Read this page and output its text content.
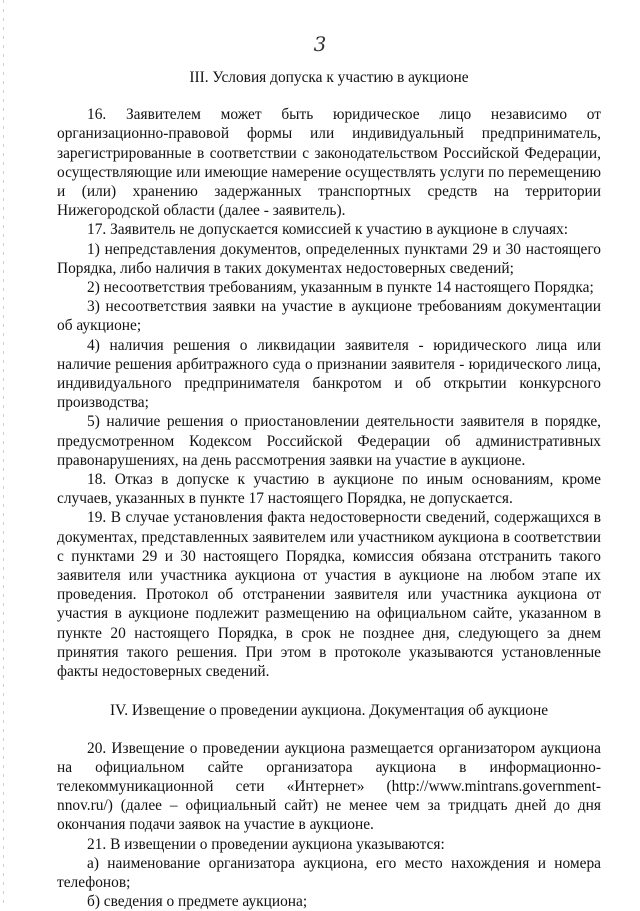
3
III. Условия допуска к участию в аукционе

16. Заявителем может быть юридическое лицо независимо от организационно-правовой формы или индивидуальный предприниматель, зарегистрированные в соответствии с законодательством Российской Федерации, осуществляющие или имеющие намерение осуществлять услуги по перемещению и (или) хранению задержанных транспортных средств на территории Нижегородской области (далее - заявитель).

17. Заявитель не допускается комиссией к участию в аукционе в случаях:

1) непредставления документов, определенных пунктами 29 и 30 настоящего Порядка, либо наличия в таких документах недостоверных сведений;

2) несоответствия требованиям, указанным в пункте 14 настоящего Порядка;

3) несоответствия заявки на участие в аукционе требованиям документации об аукционе;

4) наличия решения о ликвидации заявителя - юридического лица или наличие решения арбитражного суда о признании заявителя - юридического лица, индивидуального предпринимателя банкротом и об открытии конкурсного производства;

5) наличие решения о приостановлении деятельности заявителя в порядке, предусмотренном Кодексом Российской Федерации об административных правонарушениях, на день рассмотрения заявки на участие в аукционе.

18. Отказ в допуске к участию в аукционе по иным основаниям, кроме случаев, указанных в пункте 17 настоящего Порядка, не допускается.

19. В случае установления факта недостоверности сведений, содержащихся в документах, представленных заявителем или участником аукциона в соответствии с пунктами 29 и 30 настоящего Порядка, комиссия обязана отстранить такого заявителя или участника аукциона от участия в аукционе на любом этапе их проведения. Протокол об отстранении заявителя или участника аукциона от участия в аукционе подлежит размещению на официальном сайте, указанном в пункте 20 настоящего Порядка, в срок не позднее дня, следующего за днем принятия такого решения. При этом в протоколе указываются установленные факты недостоверных сведений.

IV. Извещение о проведении аукциона. Документация об аукционе

20. Извещение о проведении аукциона размещается организатором аукциона на официальном сайте организатора аукциона в информационно-телекоммуникационной сети «Интернет» (http://www.mintrans.government-nnov.ru/) (далее – официальный сайт) не менее чем за тридцать дней до дня окончания подачи заявок на участие в аукционе.

21. В извещении о проведении аукциона указываются:

а) наименование организатора аукциона, его место нахождения и номера телефонов;

б) сведения о предмете аукциона;
